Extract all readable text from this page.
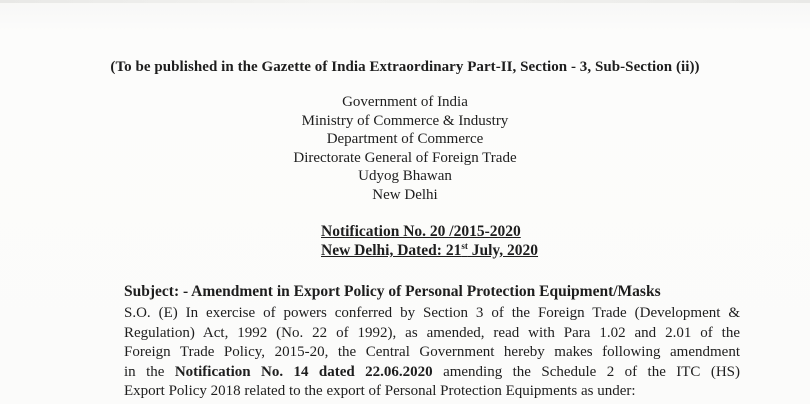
(To be published in the Gazette of India Extraordinary Part-II, Section - 3, Sub-Section (ii))
Government of India
Ministry of Commerce & Industry
Department of Commerce
Directorate General of Foreign Trade
Udyog Bhawan
New Delhi
Notification No. 20 /2015-2020
New Delhi, Dated: 21st July, 2020
Subject: - Amendment in Export Policy of Personal Protection Equipment/Masks
S.O. (E) In exercise of powers conferred by Section 3 of the Foreign Trade (Development &
Regulation) Act, 1992 (No. 22 of 1992), as amended, read with Para 1.02 and 2.01 of the
Foreign Trade Policy, 2015-20, the Central Government hereby makes following amendment
in the Notification No. 14 dated 22.06.2020 amending the Schedule 2 of the ITC (HS)
Export Policy 2018 related to the export of Personal Protection Equipments as under:
